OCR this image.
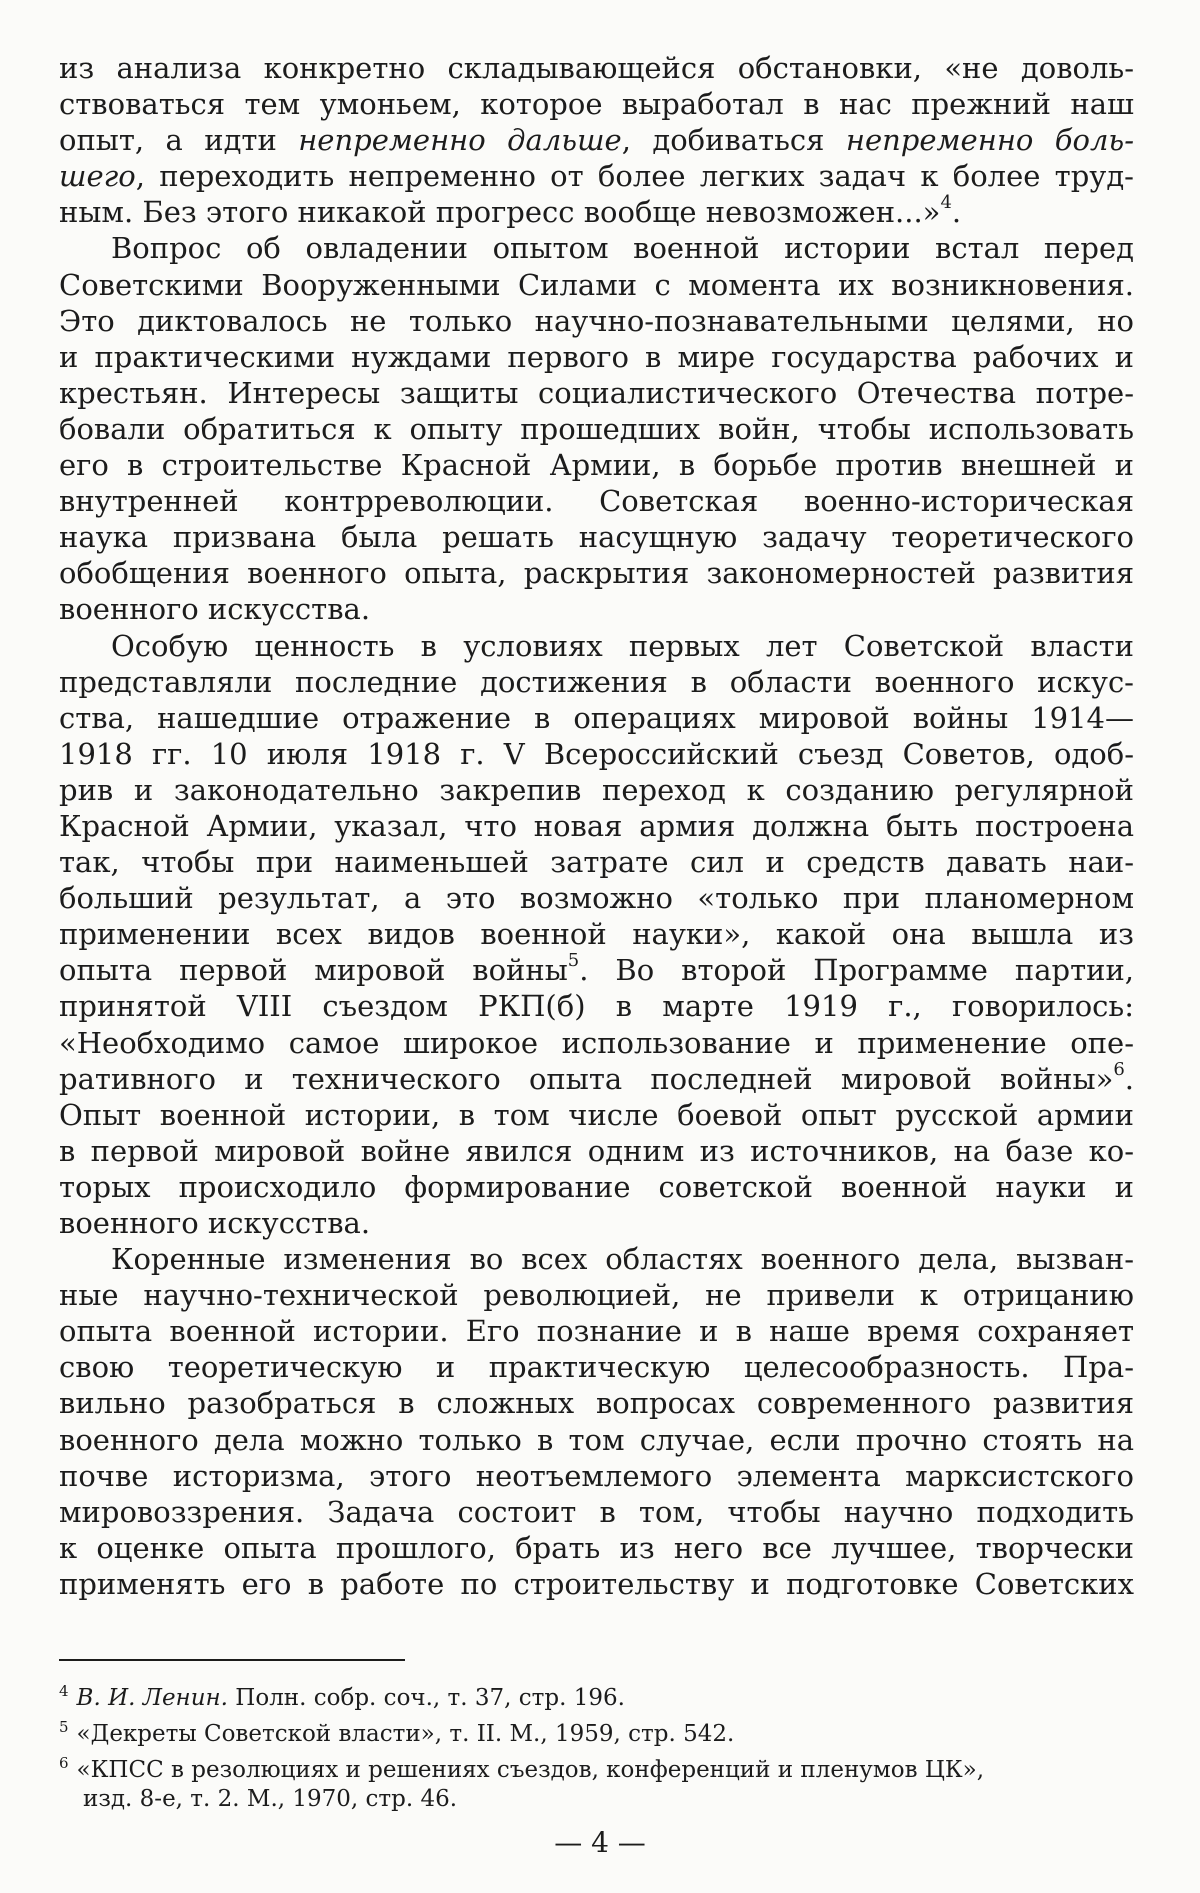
из анализа конкретно складывающейся обстановки, «не доволь-
ствоваться тем умоньем, которое выработал в нас прежний наш
опыт, а идти непременно дальше, добиваться непременно боль-
шего, переходить непременно от более легких задач к более труд-
ным. Без этого никакой прогресс вообще невозможен...»$^4$.
Вопрос об овладении опытом военной истории встал перед
Советскими Вооруженными Силами с момента их возникновения.
Это диктовалось не только научно-познавательными целями, но
и практическими нуждами первого в мире государства рабочих и
крестьян. Интересы защиты социалистического Отечества потре-
бовали обратиться к опыту прошедших войн, чтобы использовать
его в строительстве Красной Армии, в борьбе против внешней и
внутренней контрреволюции. Советская военно-историческая
наука призвана была решать насущную задачу теоретического
обобщения военного опыта, раскрытия закономерностей развития
военного искусства.
Особую ценность в условиях первых лет Советской власти
представляли последние достижения в области военного искус-
ства, нашедшие отражение в операциях мировой войны 1914—
1918 гг. 10 июля 1918 г. V Всероссийский съезд Советов, одоб-
рив и законодательно закрепив переход к созданию регулярной
Красной Армии, указал, что новая армия должна быть построена
так, чтобы при наименьшей затрате сил и средств давать наи-
больший результат, а это возможно «только при планомерном
применении всех видов военной науки», какой она вышла из
опыта первой мировой войны$^5$. Во второй Программе партии,
принятой VIII съездом РКП(б) в марте 1919 г., говорилось:
«Необходимо самое широкое использование и применение опе-
ративного и технического опыта последней мировой войны»$^6$.
Опыт военной истории, в том числе боевой опыт русской армии
в первой мировой войне явился одним из источников, на базе ко-
торых происходило формирование советской военной науки и
военного искусства.
Коренные изменения во всех областях военного дела, вызван-
ные научно-технической революцией, не привели к отрицанию
опыта военной истории. Его познание и в наше время сохраняет
свою теоретическую и практическую целесообразность. Пра-
вильно разобраться в сложных вопросах современного развития
военного дела можно только в том случае, если прочно стоять на
почве историзма, этого неотъемлемого элемента марксистского
мировоззрения. Задача состоит в том, чтобы научно подходить
к оценке опыта прошлого, брать из него все лучшее, творчески
применять его в работе по строительству и подготовке Советских
$^4$ В. И. Ленин. Полн. собр. соч., т. 37, стр. 196.
$^5$ «Декреты Советской власти», т. II. М., 1959, стр. 542.
$^6$ «КПСС в резолюциях и решениях съездов, конференций и пленумов ЦК»,
изд. 8-е, т. 2. М., 1970, стр. 46.
— 4 —
